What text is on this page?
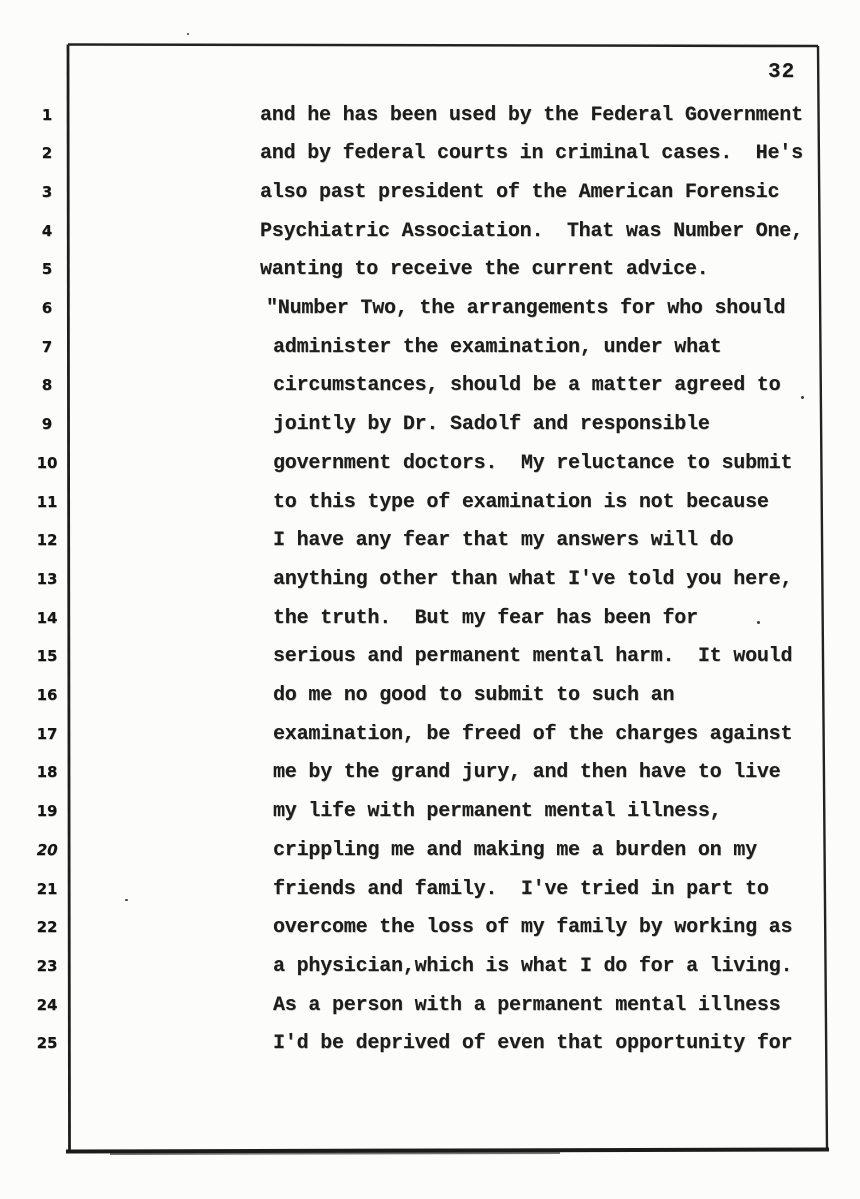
32
1	and he has been used by the Federal Government
2	and by federal courts in criminal cases.  He's
3	also past president of the American Forensic
4	Psychiatric Association.  That was Number One,
5	wanting to receive the current advice.
6	"Number Two, the arrangements for who should
7	administer the examination, under what
8	circumstances, should be a matter agreed to
9	jointly by Dr. Sadolf and responsible
10	government doctors.  My reluctance to submit
11	to this type of examination is not because
12	I have any fear that my answers will do
13	anything other than what I've told you here,
14	the truth.  But my fear has been for
15	serious and permanent mental harm.  It would
16	do me no good to submit to such an
17	examination, be freed of the charges against
18	me by the grand jury, and then have to live
19	my life with permanent mental illness,
20	crippling me and making me a burden on my
21	friends and family.  I've tried in part to
22	overcome the loss of my family by working as
23	a physician,which is what I do for a living.
24	As a person with a permanent mental illness
25	I'd be deprived of even that opportunity for
